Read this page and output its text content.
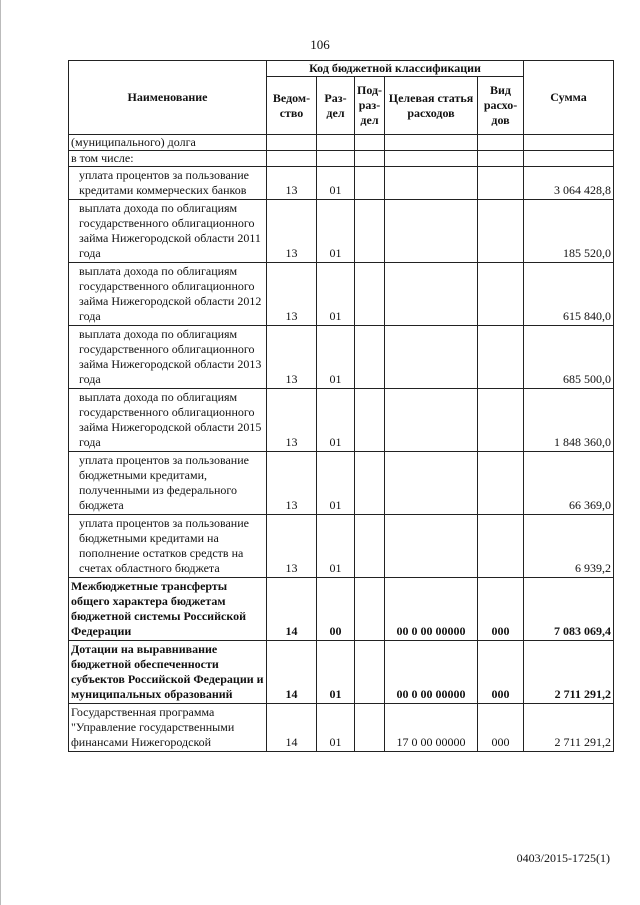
106
Наименование	Код бюджетной классификации					Сумма
	Ведом-ство	Раз-дел	Под-раз-дел	Целевая статья расходов	Вид расхо-дов	
(муниципального) долга						
в том числе:						
уплата процентов за пользование кредитами коммерческих банков	13	01				3 064 428,8
выплата дохода по облигациям государственного облигационного займа Нижегородской области 2011 года	13	01				185 520,0
выплата дохода по облигациям государственного облигационного займа Нижегородской области 2012 года	13	01				615 840,0
выплата дохода по облигациям государственного облигационного займа Нижегородской области 2013 года	13	01				685 500,0
выплата дохода по облигациям государственного облигационного займа Нижегородской области 2015 года	13	01				1 848 360,0
уплата процентов за пользование бюджетными кредитами, полученными из федерального бюджета	13	01				66 369,0
уплата процентов за пользование бюджетными кредитами на пополнение остатков средств на счетах областного бюджета	13	01				6 939,2
Межбюджетные трансферты общего характера бюджетам бюджетной системы Российской Федерации	14	00		00 0 00 00000	000	7 083 069,4
Дотации на выравнивание бюджетной обеспеченности субъектов Российской Федерации и муниципальных образований	14	01		00 0 00 00000	000	2 711 291,2
Государственная программа "Управление государственными финансами Нижегородской	14	01		17 0 00 00000	000	2 711 291,2
0403/2015-1725(1)
